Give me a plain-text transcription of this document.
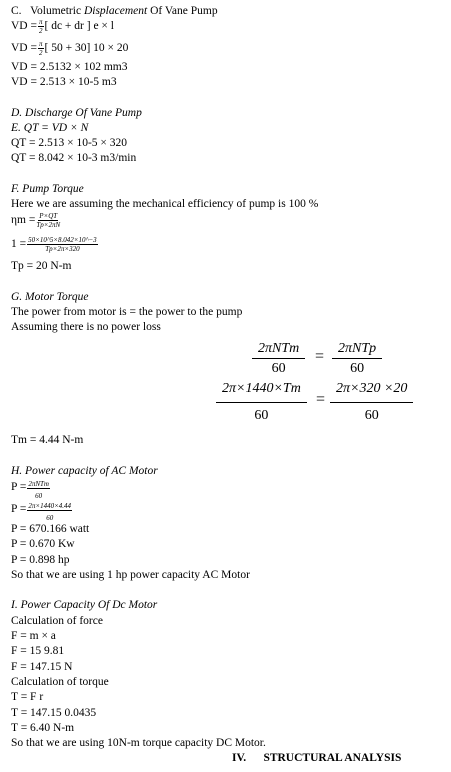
C. Volumetric Displacement Of Vane Pump
VD = $\frac{\pi}{2}$ [ dc + dr ] e × l
VD = $\frac{\pi}{2}$ [ 50 + 30] 10 × 20
VD = 2.5132 × 102 mm3
VD = 2.513 × 10-5 m3
D. Discharge Of Vane Pump
E. QT = VD × N
QT = 2.513 × 10-5 × 320
QT = 8.042 × 10-3 m3/min
F. Pump Torque
Here we are assuming the mechanical efficiency of pump is 100 %
$\eta m = \frac{P\times QT}{Tp\times 2\pi N}$
$1 = \frac{50\times 10\^{}5\times 8.042\times 10\^{}-3}{Tp\times 2\pi\times 320}$
Tp = 20 N-m
G. Motor Torque
The power from motor is = the power to the pump
Assuming there is no power loss
2πNTm
60
= 2πNTp
60
$\frac{2\pi\times 1440\times Tm}{60} = \frac{2\pi\times 320 \times 20}{60}$
Tm = 4.44 N-m
H. Power capacity of AC Motor
$P = \frac{\text{2πNTm}}{60}$
$P = \frac{2\pi\times 1440\times 4.44}{60}$
P = 670.166 watt
P = 0.670 Kw
P = 0.898 hp
So that we are using 1 hp power capacity AC Motor
I. Power Capacity Of Dc Motor
Calculation of force
F = m × a
F = 15 9.81
F = 147.15 N
Calculation of torque
T = F r
T = 147.15 0.0435
T = 6.40 N-m
So that we are using 10N-m torque capacity DC Motor.
IV. STRUCTURAL ANALYSIS
